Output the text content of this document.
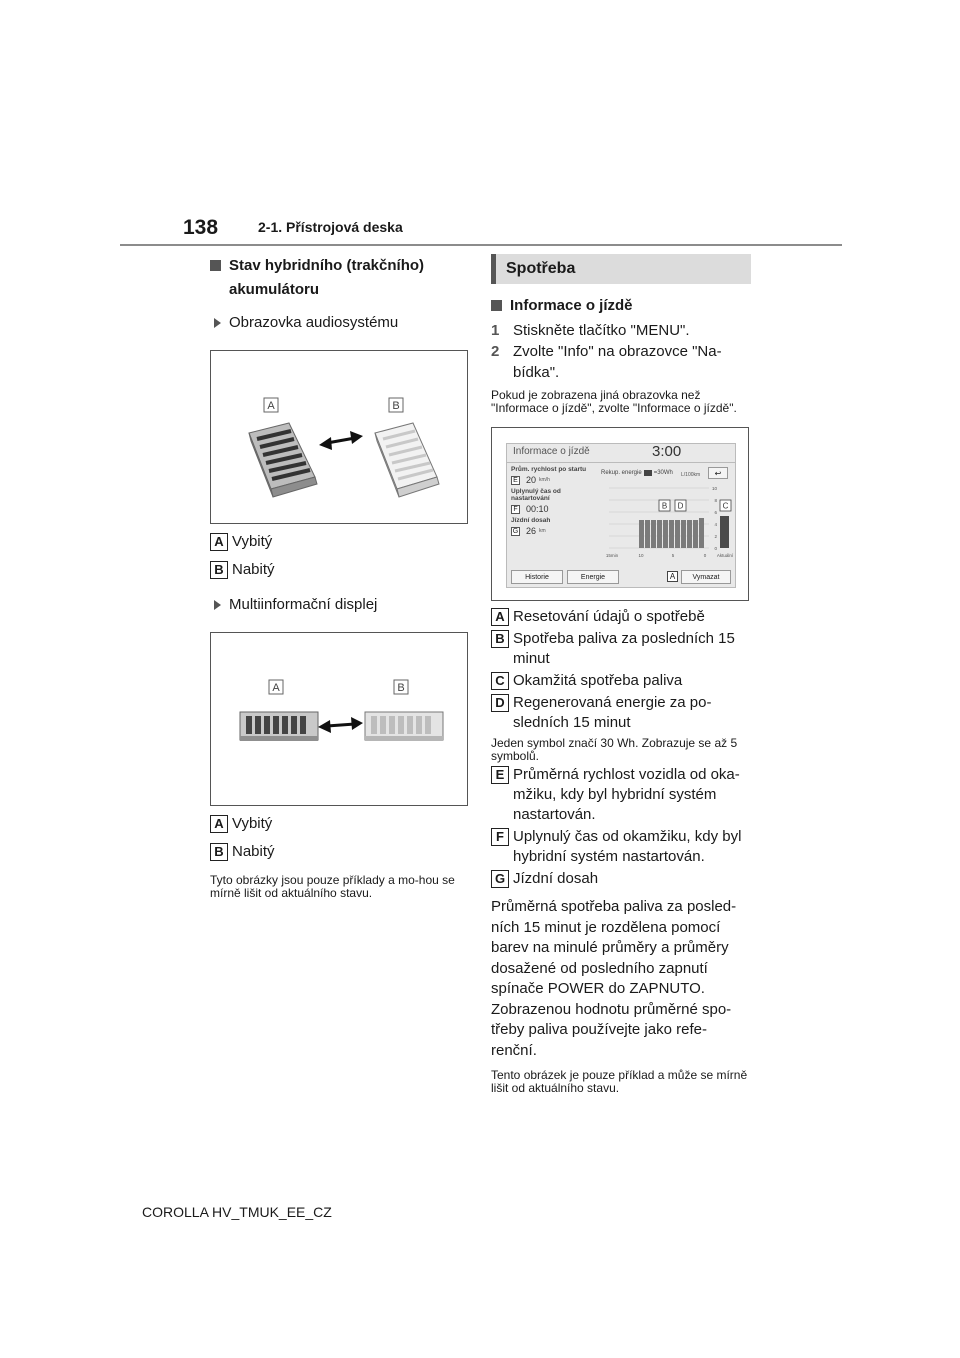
138	2-1. Přístrojová deska
Stav hybridního (trakčního) akumulátoru
Obrazovka audiosystému
A	B
A Vybitý
B Nabitý
Multiinformační displej
A	B
A Vybitý
B Nabitý
Tyto obrázky jsou pouze příklady a mo-hou se mírně lišit od aktuálního stavu.
Spotřeba
Informace o jízdě
1 Stiskněte tlačítko "MENU".
2 Zvolte "Info" na obrazovce "Na-bídka".
Pokud je zobrazena jiná obrazovka než "Informace o jízdě", zvolte "Informace o jízdě".
Informace o jízdě	3:00
Prům. rychlost po startu
E 20 km/h
Uplynulý čas od nastartování
F 00:10
Jízdní dosah
G 26 km
Rekup. energie =30Wh L/100km	↩
10
8
6
4
2
0
15min	10	5	0 Aktuální
B D	C
Historie	Energie	A	Vymazat
A Resetování údajů o spotřebě
B Spotřeba paliva za posledních 15 minut
C Okamžitá spotřeba paliva
D Regenerovaná energie za po-sledních 15 minut
Jeden symbol značí 30 Wh. Zobrazuje se až 5 symbolů.
E Průměrná rychlost vozidla od oka-mžiku, kdy byl hybridní systém nastartován.
F Uplynulý čas od okamžiku, kdy byl hybridní systém nastartován.
G Jízdní dosah
Průměrná spotřeba paliva za posled-ních 15 minut je rozdělena pomocí barev na minulé průměry a průměry dosažené od posledního zapnutí spínače POWER do ZAPNUTO. Zobrazenou hodnotu průměrné spo-třeby paliva používejte jako refe-renční.
Tento obrázek je pouze příklad a může se mírně lišit od aktuálního stavu.
COROLLA HV_TMUK_EE_CZ
